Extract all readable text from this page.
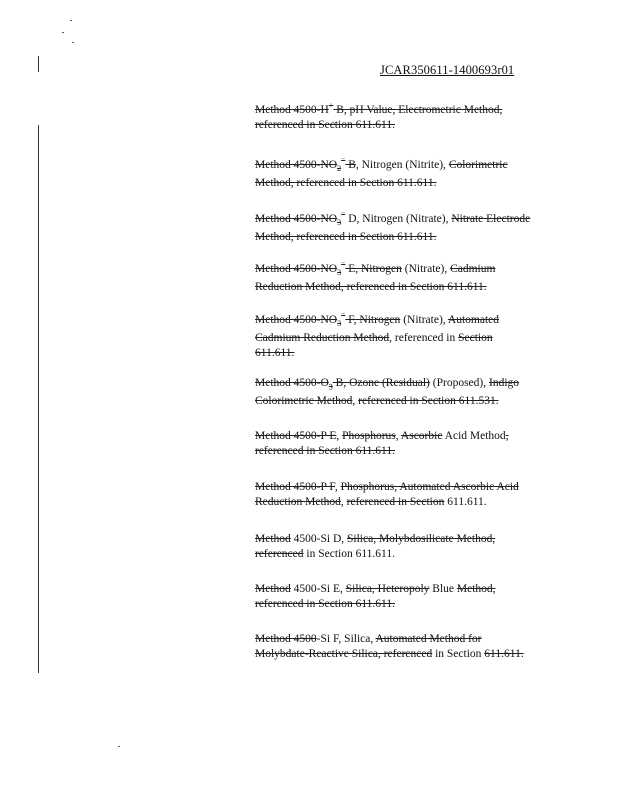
JCAR350611-1400693r01
Method 4500-H+ B, pH Value, Electrometric Method,
referenced in Section 611.611.
Method $4500-NO_2^{^-}$ B, Nitrogen (Nitrite), Colorimetric
Method, referenced in Section 611.611.
Method $4500-NO_3^{^-}$ D, Nitrogen (Nitrate), Nitrate Electrode
Method, referenced in Section 611.611.
Method $4500-NO_3^{^-}$ E, Nitrogen (Nitrate), Cadmium
Reduction Method, referenced in Section 611.611.
Method $4500-NO_3^{^-}$ F, Nitrogen (Nitrate), Automated
Cadmium Reduction Method, referenced in Section
611.611.
Method $4500-O_3$ B, Ozone (Residual) (Proposed), Indigo
Colorimetric Method, referenced in Section 611.531.
Method 4500-P E, Phosphorus, Ascorbic Acid Method,
referenced in Section 611.611.
Method 4500-P F, Phosphorus, Automated Ascorbic Acid
Reduction Method, referenced in Section 611.611.
Method 4500-Si D, Silica, Molybdosilicate Method,
referenced in Section 611.611.
Method 4500-Si E, Silica, Heteropoly Blue Method,
referenced in Section 611.611.
Method 4500-Si F, Silica, Automated Method for
Molybdate-Reactive Silica, referenced in Section 611.611.
